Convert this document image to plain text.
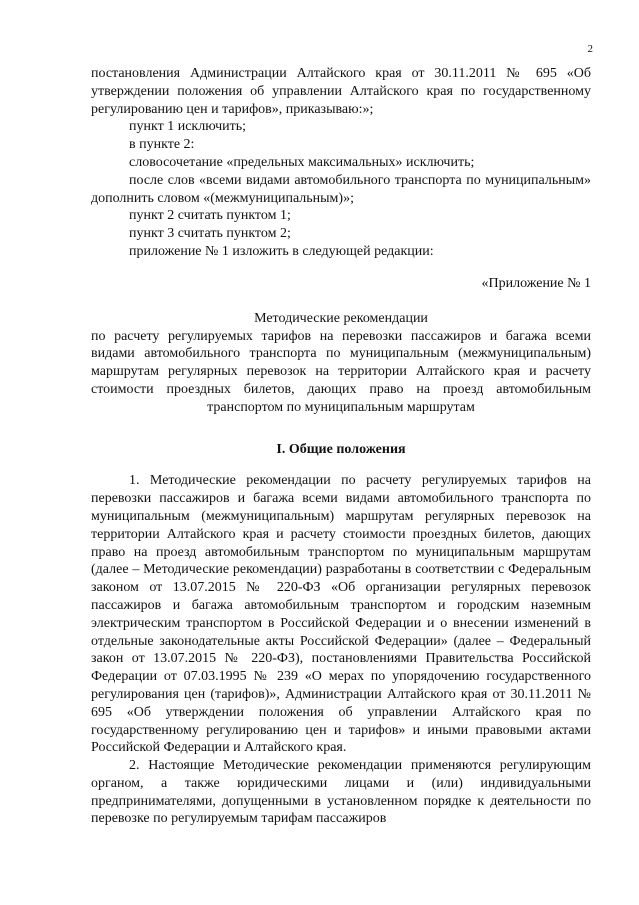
2

постановления Администрации Алтайского края от 30.11.2011 № 695 «Об утверждении положения об управлении Алтайского края по государственному регулированию цен и тарифов», приказываю:»;

пункт 1 исключить;

в пункте 2:

словосочетание «предельных максимальных» исключить;

после слов «всеми видами автомобильного транспорта по муниципальным» дополнить словом «(межмуниципальным)»;

пункт 2 считать пунктом 1;

пункт 3 считать пунктом 2;

приложение № 1 изложить в следующей редакции:

«Приложение № 1

Методические рекомендации

по расчету регулируемых тарифов на перевозки пассажиров и багажа всеми видами автомобильного транспорта по муниципальным (межмуниципальным) маршрутам регулярных перевозок на территории Алтайского края и расчету стоимости проездных билетов, дающих право на проезд автомобильным транспортом по муниципальным маршрутам

I. Общие положения

1. Методические рекомендации по расчету регулируемых тарифов на перевозки пассажиров и багажа всеми видами автомобильного транспорта по муниципальным (межмуниципальным) маршрутам регулярных перевозок на территории Алтайского края и расчету стоимости проездных билетов, дающих право на проезд автомобильным транспортом по муниципальным маршрутам (далее – Методические рекомендации) разработаны в соответствии с Федеральным законом от 13.07.2015 № 220-ФЗ «Об организации регулярных перевозок пассажиров и багажа автомобильным транспортом и городским наземным электрическим транспортом в Российской Федерации и о внесении изменений в отдельные законодательные акты Российской Федерации» (далее – Федеральный закон от 13.07.2015 № 220-ФЗ), постановлениями Правительства Российской Федерации от 07.03.1995 № 239 «О мерах по упорядочению государственного регулирования цен (тарифов)», Администрации Алтайского края от 30.11.2011 № 695 «Об утверждении положения об управлении Алтайского края по государственному регулированию цен и тарифов» и иными правовыми актами Российской Федерации и Алтайского края.

2. Настоящие Методические рекомендации применяются регулирующим органом, а также юридическими лицами и (или) индивидуальными предпринимателями, допущенными в установленном порядке к деятельности по перевозке по регулируемым тарифам пассажиров
